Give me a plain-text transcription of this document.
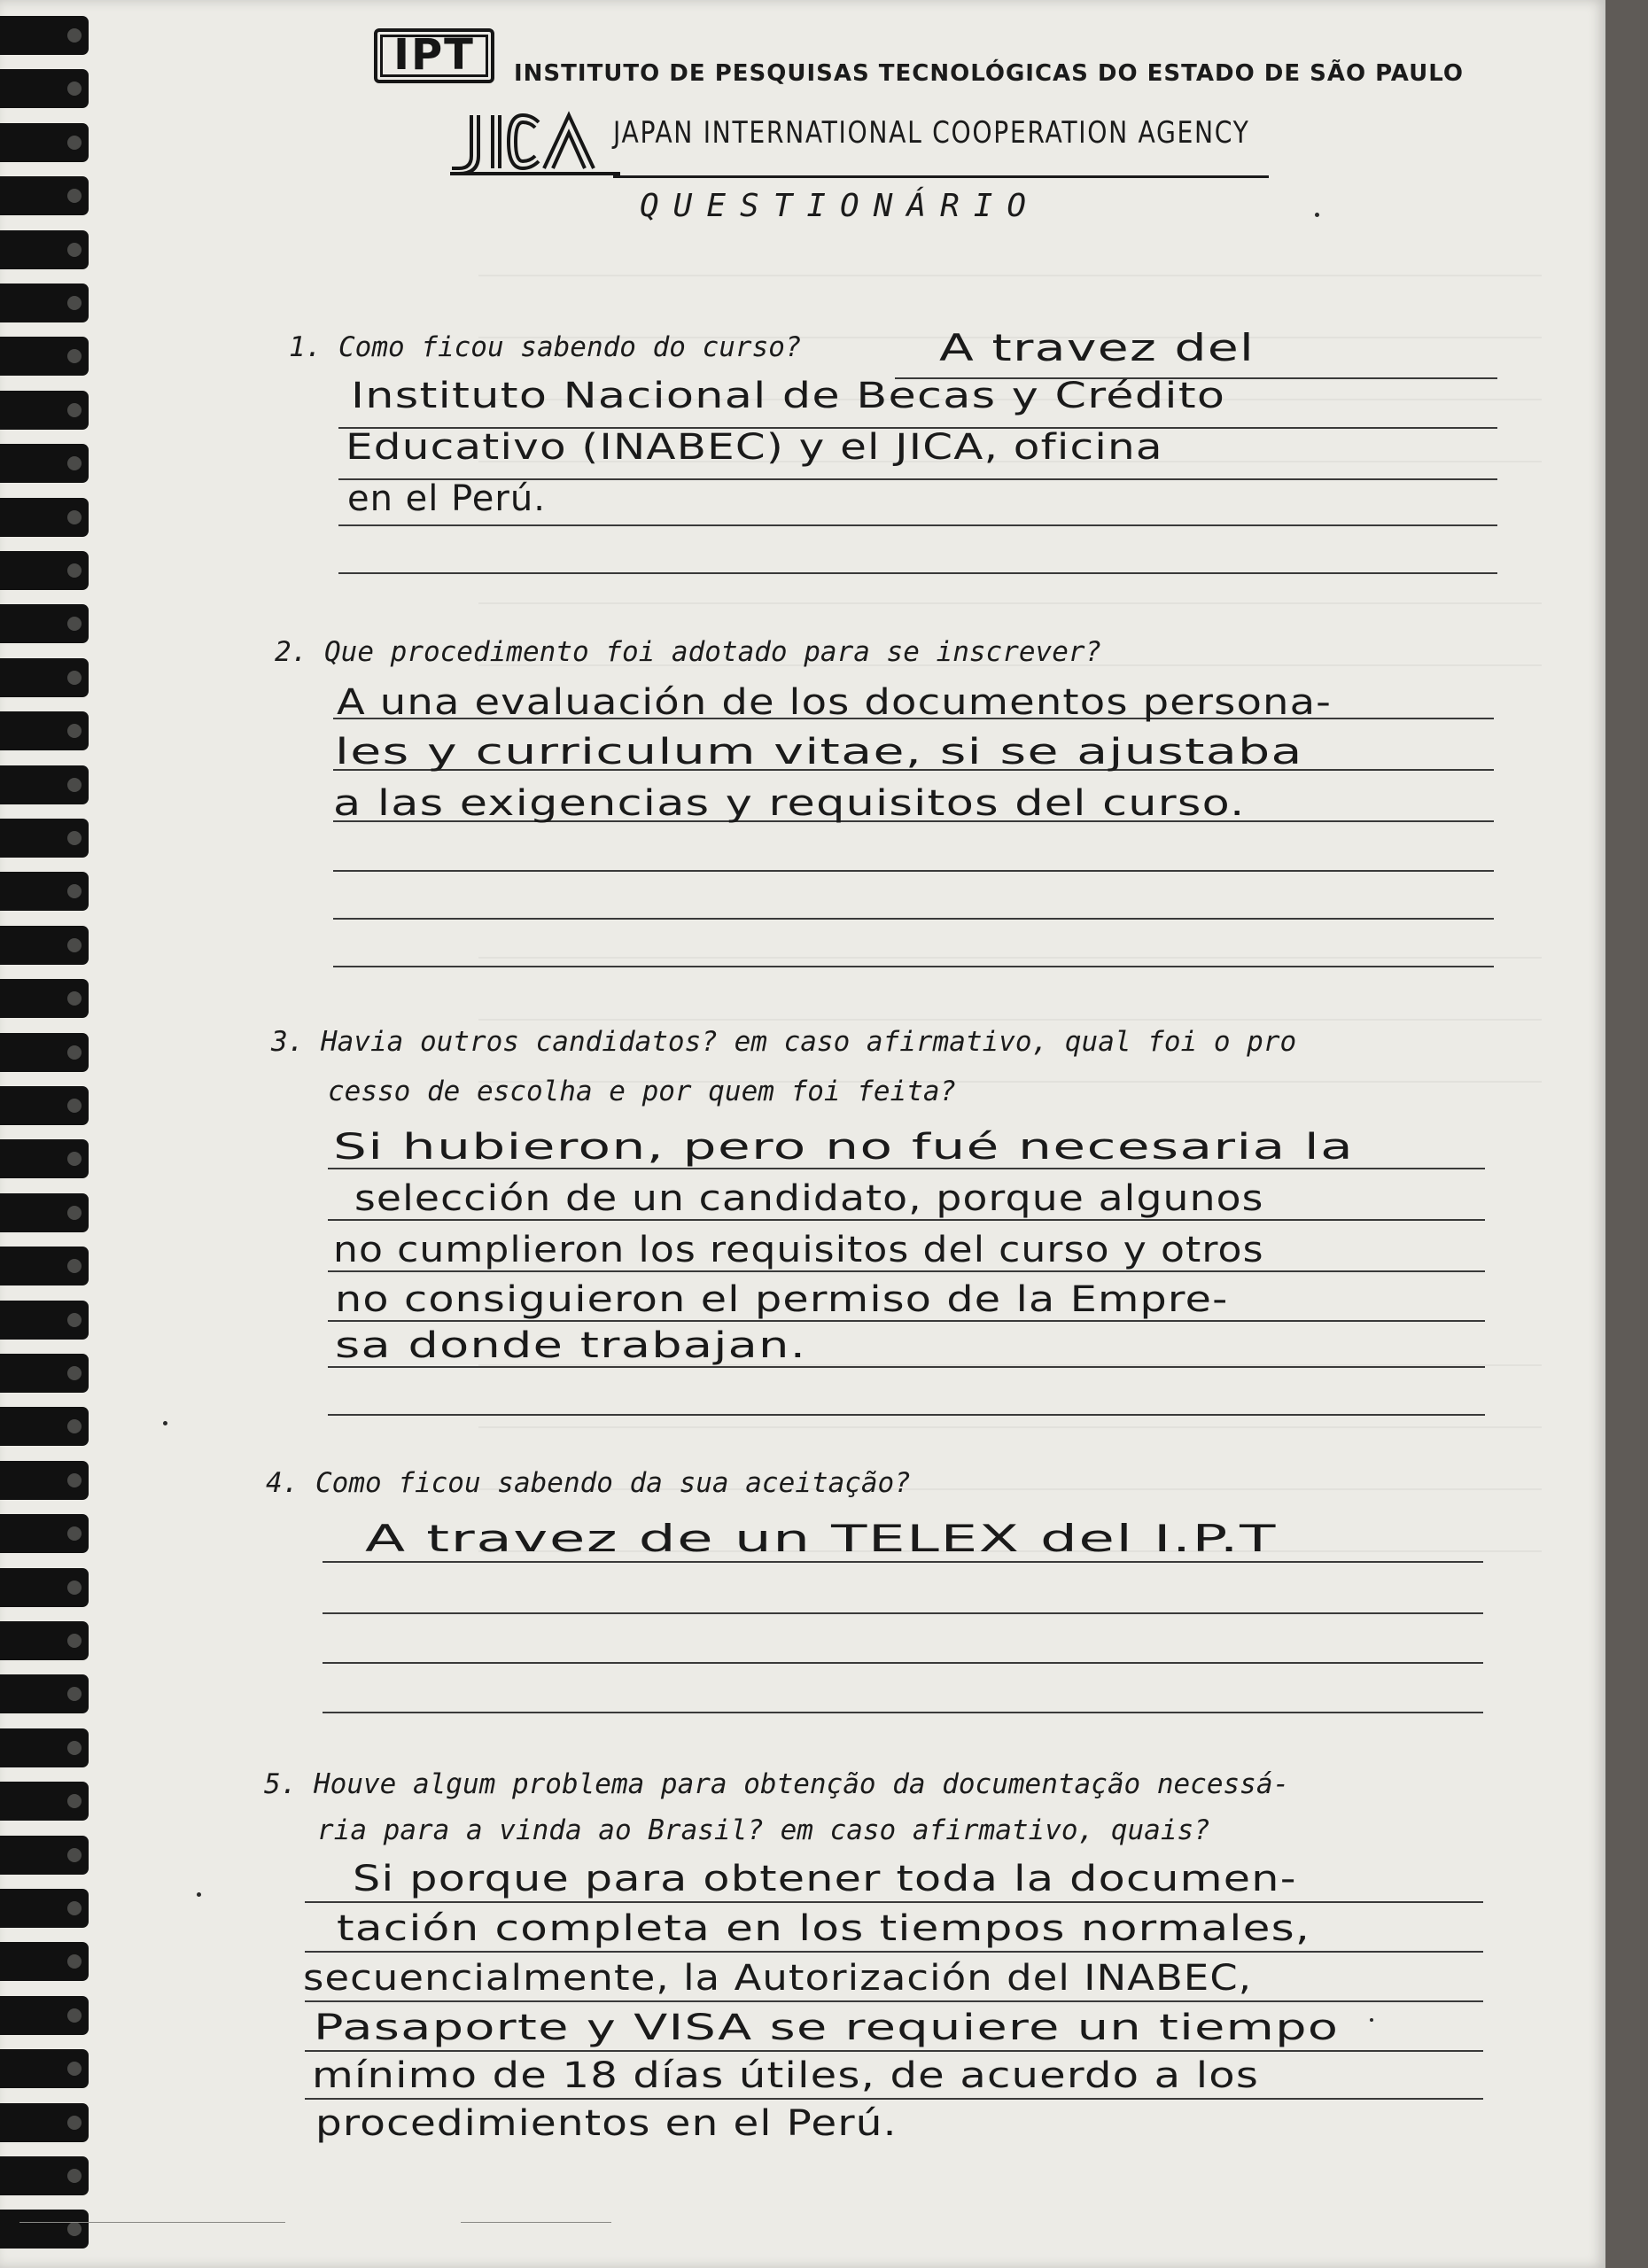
IPT	INSTITUTO DE PESQUISAS TECNOLÓGICAS DO ESTADO DE SÃO PAULO
JAPAN INTERNATIONAL COOPERATION AGENCY
QUESTIONÁRIO
1. Como ficou sabendo do curso?	A travez del
Instituto Nacional de Becas y Crédito
Educativo (INABEC) y el JICA, oficina
en el Perú.
2. Que procedimento foi adotado para se inscrever?
A una evaluación de los documentos persona-
les y curriculum vitae, si se ajustaba
a las exigencias y requisitos del curso.
3. Havia outros candidatos? em caso afirmativo, qual foi o pro
cesso de escolha e por quem foi feita?
Si hubieron, pero no fué necesaria la
selección de un candidato, porque algunos
no cumplieron los requisitos del curso y otros
no consiguieron el permiso de la Empre-
sa donde trabajan.
4. Como ficou sabendo da sua aceitação?
A travez de un TELEX del I.P.T
5. Houve algum problema para obtenção da documentação necessá-
ria para a vinda ao Brasil? em caso afirmativo, quais?
Si porque para obtener toda la documen-
tación completa en los tiempos normales,
secuencialmente, la Autorización del INABEC,
Pasaporte y VISA se requiere un tiempo
mínimo de 18 días útiles, de acuerdo a los
procedimientos en el Perú.
